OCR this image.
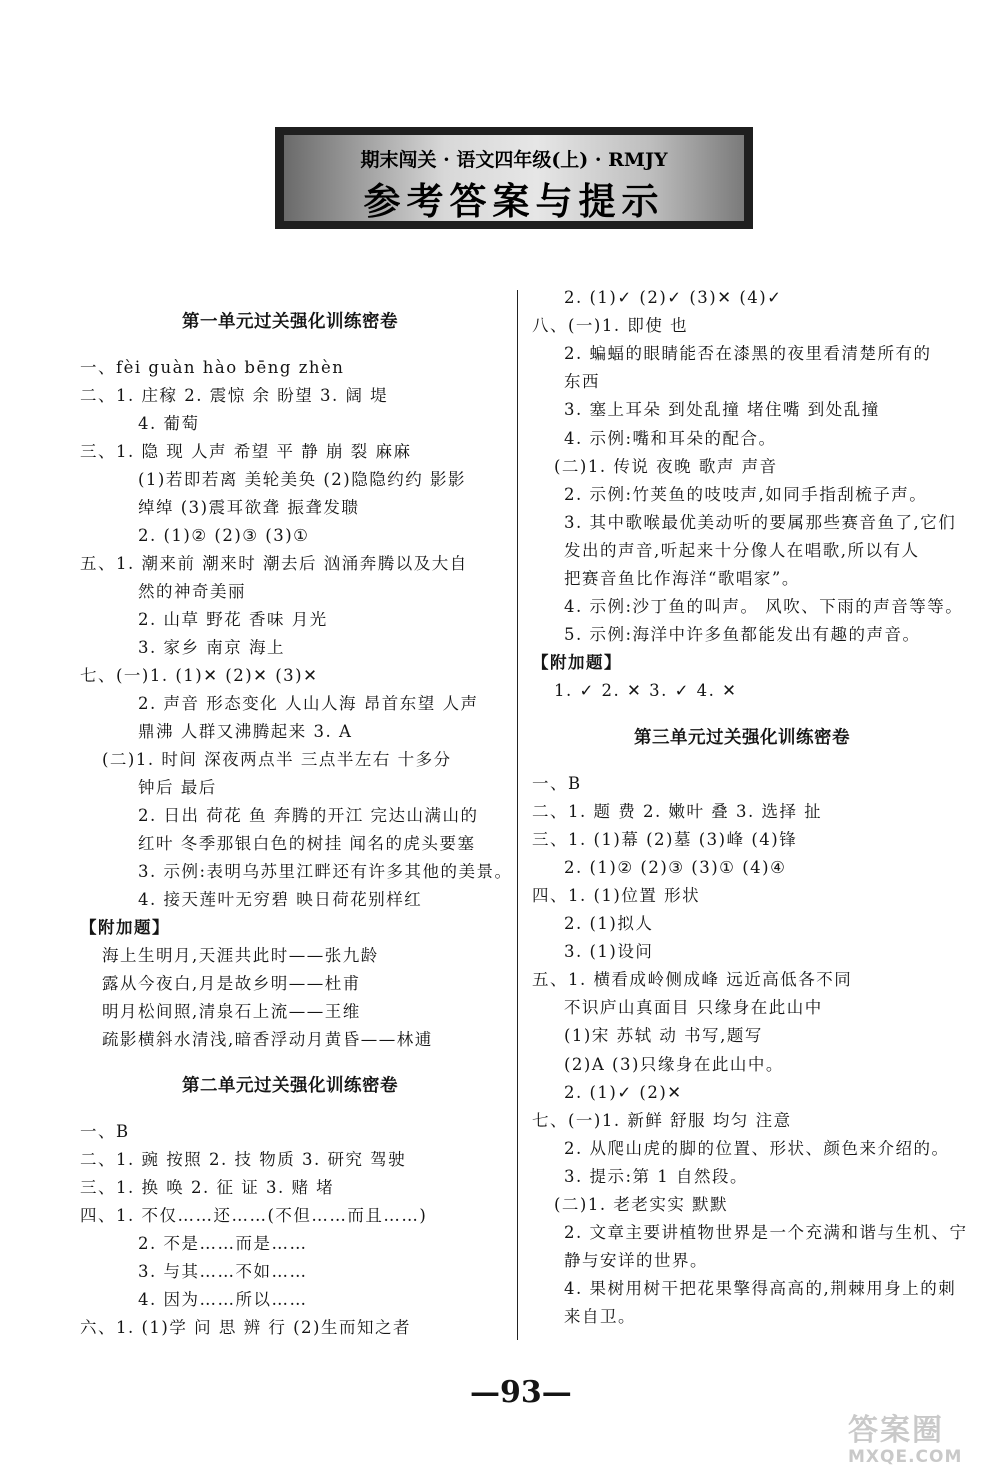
期末闯关 · 语文四年级(上) · RMJY
参考答案与提示
第一单元过关强化训练密卷
一、fèi guàn hào bēng zhèn
二、1. 庄稼 2. 震惊 余 盼望 3. 阔 堤
4. 葡萄
三、1. 隐 现 人声 希望 平 静 崩 裂 麻麻
(1)若即若离 美轮美奂 (2)隐隐约约 影影
绰绰 (3)震耳欲聋 振聋发聩
2. (1)② (2)③ (3)①
五、1. 潮来前 潮来时 潮去后 汹涌奔腾以及大自
然的神奇美丽
2. 山草 野花 香味 月光
3. 家乡 南京 海上
七、(一)1. (1)✕ (2)✕ (3)✕
2. 声音 形态变化 人山人海 昂首东望 人声
鼎沸 人群又沸腾起来 3. A
(二)1. 时间 深夜两点半 三点半左右 十多分
钟后 最后
2. 日出 荷花 鱼 奔腾的开江 完达山满山的
红叶 冬季那银白色的树挂 闻名的虎头要塞
3. 示例:表明乌苏里江畔还有许多其他的美景。
4. 接天莲叶无穷碧 映日荷花别样红
【附加题】
海上生明月,天涯共此时——张九龄
露从今夜白,月是故乡明——杜甫
明月松间照,清泉石上流——王维
疏影横斜水清浅,暗香浮动月黄昏——林逋
第二单元过关强化训练密卷
一、B
二、1. 豌 按照 2. 技 物质 3. 研究 驾驶
三、1. 换 唤 2. 征 证 3. 赌 堵
四、1. 不仅……还……(不但……而且……)
2. 不是……而是……
3. 与其……不如……
4. 因为……所以……
六、1. (1)学 问 思 辨 行 (2)生而知之者
2. (1)✓ (2)✓ (3)✕ (4)✓
八、(一)1. 即使 也
2. 蝙蝠的眼睛能否在漆黑的夜里看清楚所有的
东西
3. 塞上耳朵 到处乱撞 堵住嘴 到处乱撞
4. 示例:嘴和耳朵的配合。
(二)1. 传说 夜晚 歌声 声音
2. 示例:竹荚鱼的吱吱声,如同手指刮梳子声。
3. 其中歌喉最优美动听的要属那些赛音鱼了,它们
发出的声音,听起来十分像人在唱歌,所以有人
把赛音鱼比作海洋“歌唱家”。
4. 示例:沙丁鱼的叫声。 风吹、下雨的声音等等。
5. 示例:海洋中许多鱼都能发出有趣的声音。
【附加题】
1. ✓ 2. ✕ 3. ✓ 4. ✕
第三单元过关强化训练密卷
一、B
二、1. 题 费 2. 嫩叶 叠 3. 选择 扯
三、1. (1)幕 (2)墓 (3)峰 (4)锋
2. (1)② (2)③ (3)① (4)④
四、1. (1)位置 形状
2. (1)拟人
3. (1)设问
五、1. 横看成岭侧成峰 远近高低各不同
不识庐山真面目 只缘身在此山中
(1)宋 苏轼 动 书写,题写
(2)A (3)只缘身在此山中。
2. (1)✓ (2)✕
七、(一)1. 新鲜 舒服 均匀 注意
2. 从爬山虎的脚的位置、形状、颜色来介绍的。
3. 提示:第 1 自然段。
(二)1. 老老实实 默默
2. 文章主要讲植物世界是一个充满和谐与生机、宁
静与安详的世界。
4. 果树用树干把花果擎得高高的,荆棘用身上的刺
来自卫。
—93—
答案圈
MXQE.COM
